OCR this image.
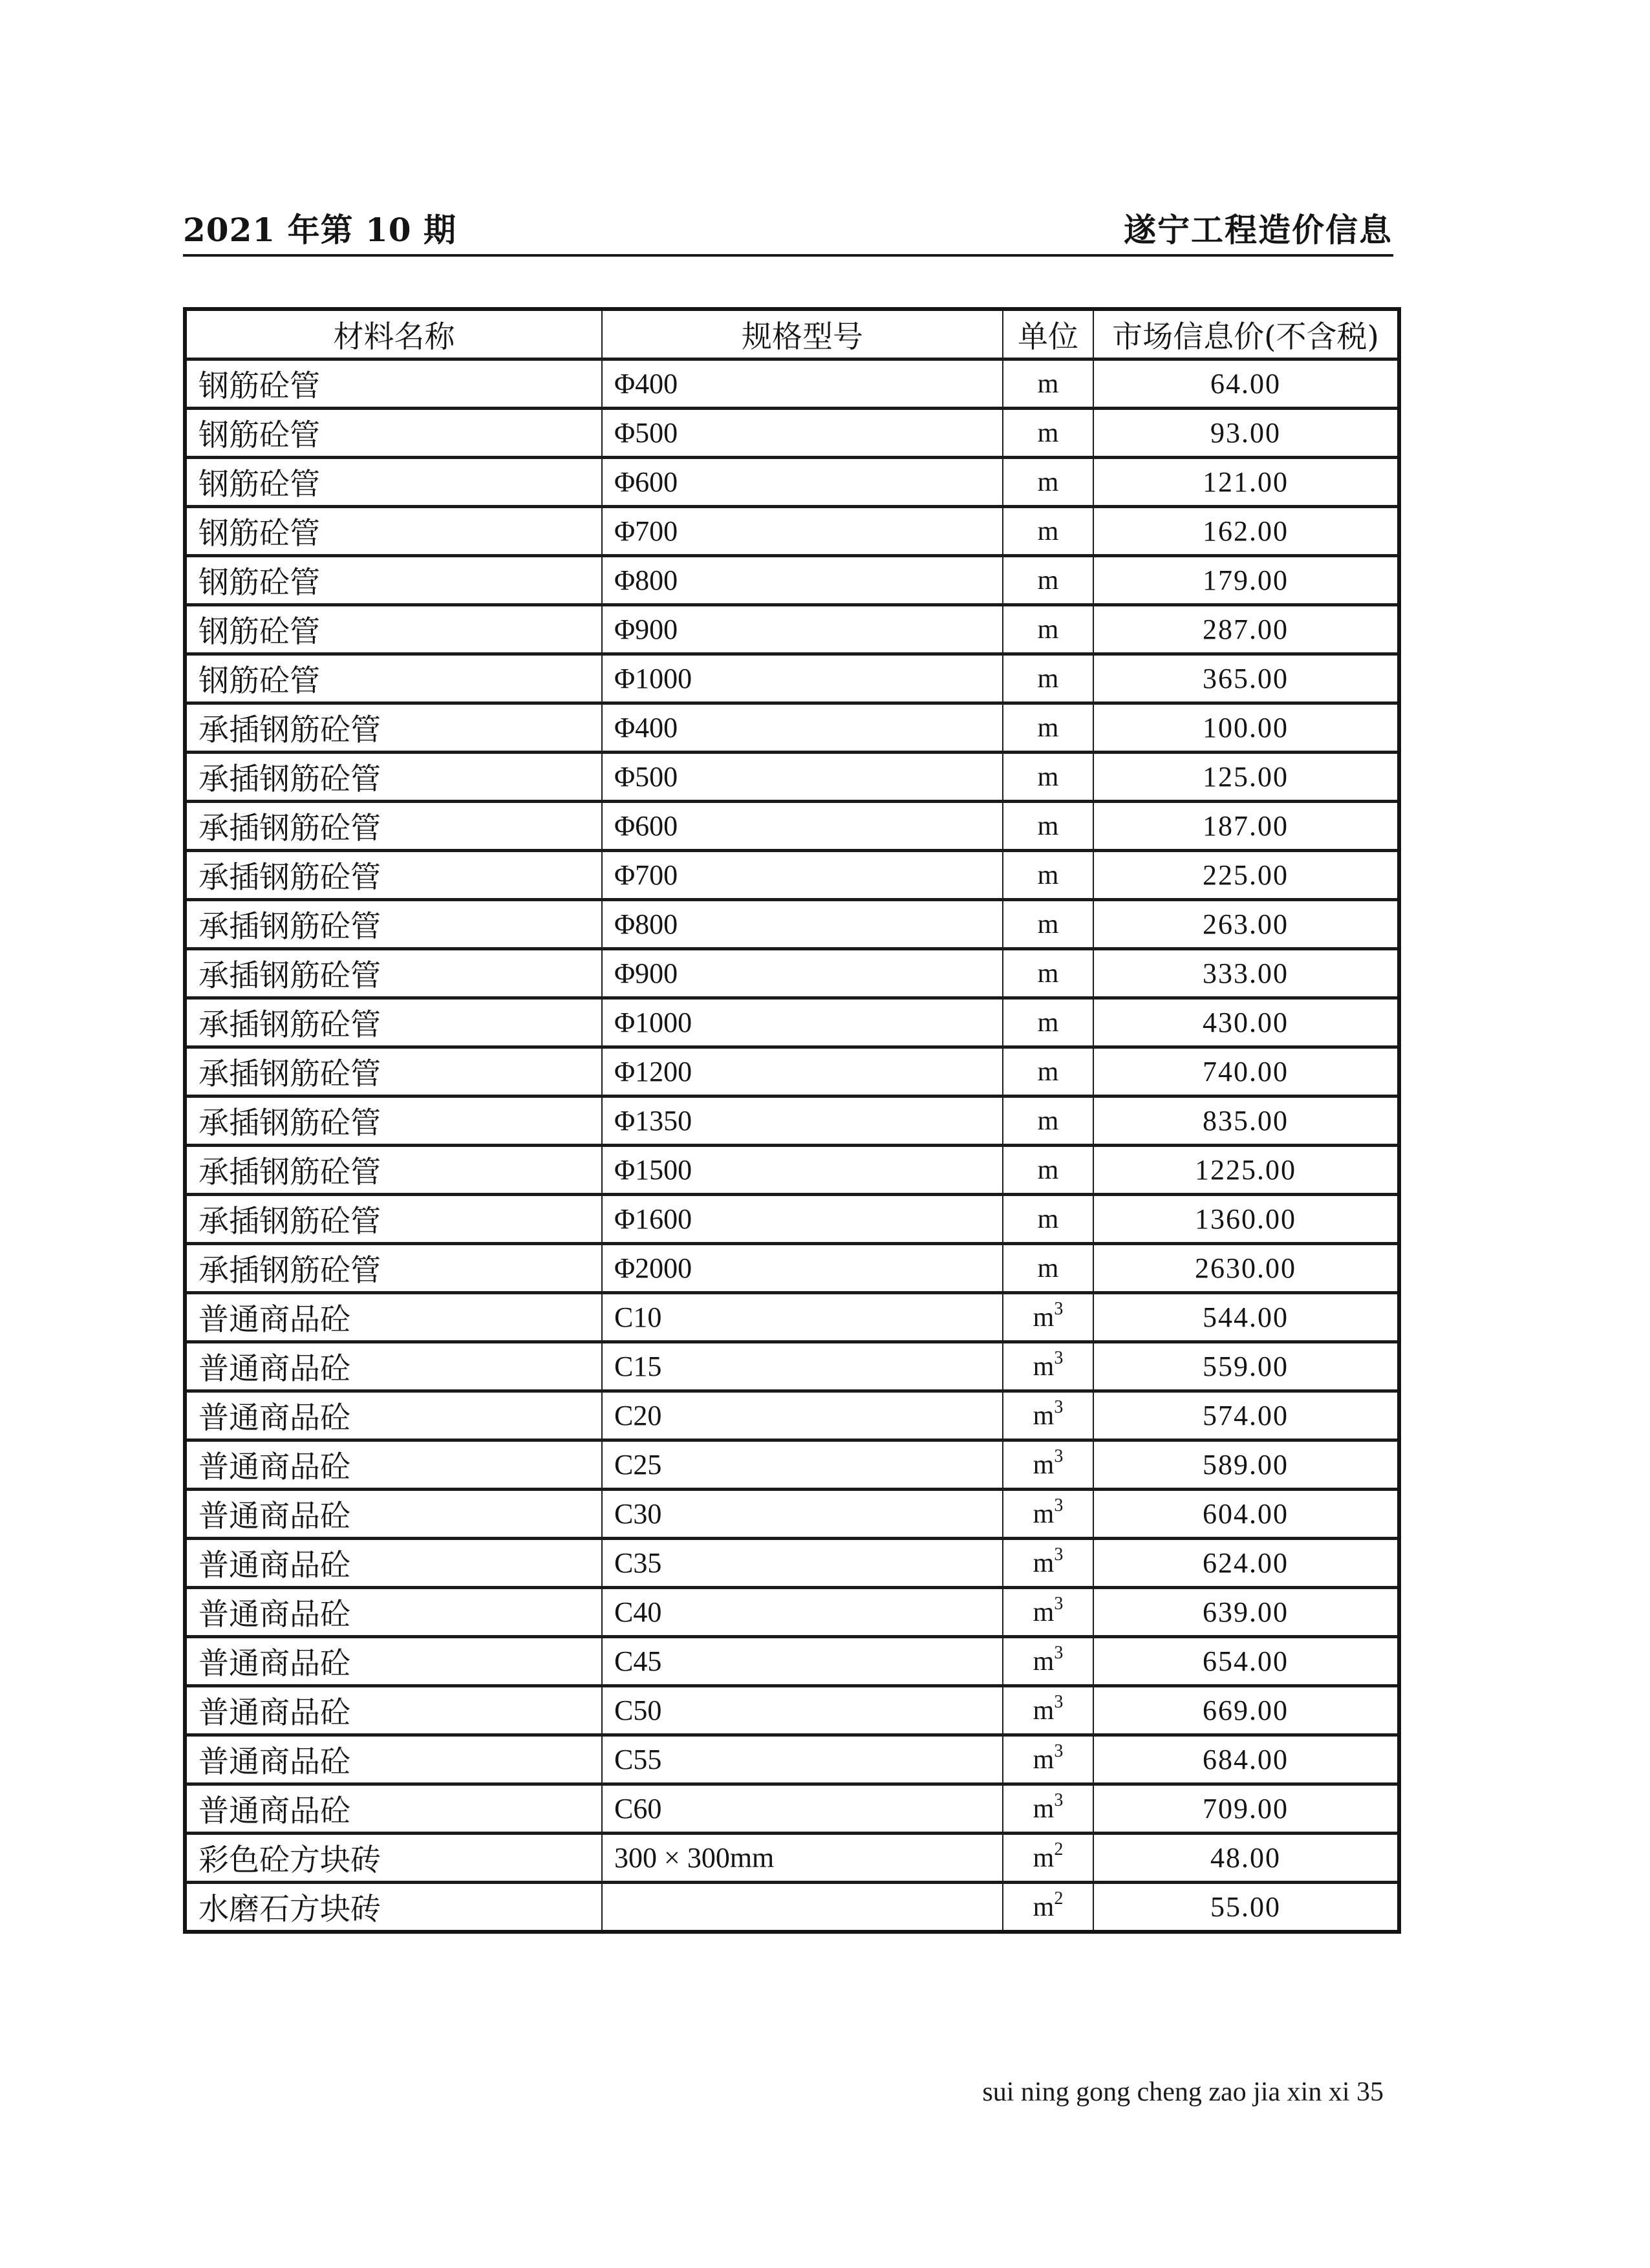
2021 年第 10 期	遂宁工程造价信息
材料名称	规格型号	单位	市场信息价(不含税)
钢筋砼管	Φ400	m	64.00
钢筋砼管	Φ500	m	93.00
钢筋砼管	Φ600	m	121.00
钢筋砼管	Φ700	m	162.00
钢筋砼管	Φ800	m	179.00
钢筋砼管	Φ900	m	287.00
钢筋砼管	Φ1000	m	365.00
承插钢筋砼管	Φ400	m	100.00
承插钢筋砼管	Φ500	m	125.00
承插钢筋砼管	Φ600	m	187.00
承插钢筋砼管	Φ700	m	225.00
承插钢筋砼管	Φ800	m	263.00
承插钢筋砼管	Φ900	m	333.00
承插钢筋砼管	Φ1000	m	430.00
承插钢筋砼管	Φ1200	m	740.00
承插钢筋砼管	Φ1350	m	835.00
承插钢筋砼管	Φ1500	m	1225.00
承插钢筋砼管	Φ1600	m	1360.00
承插钢筋砼管	Φ2000	m	2630.00
普通商品砼	C10	$m^3$	544.00
普通商品砼	C15	$m^3$	559.00
普通商品砼	C20	$m^3$	574.00
普通商品砼	C25	$m^3$	589.00
普通商品砼	C30	$m^3$	604.00
普通商品砼	C35	$m^3$	624.00
普通商品砼	C40	$m^3$	639.00
普通商品砼	C45	$m^3$	654.00
普通商品砼	C50	$m^3$	669.00
普通商品砼	C55	$m^3$	684.00
普通商品砼	C60	$m^3$	709.00
彩色砼方块砖	300 × 300mm	$m^2$	48.00
水磨石方块砖		$m^2$	55.00
sui ning gong cheng zao jia xin xi 35
